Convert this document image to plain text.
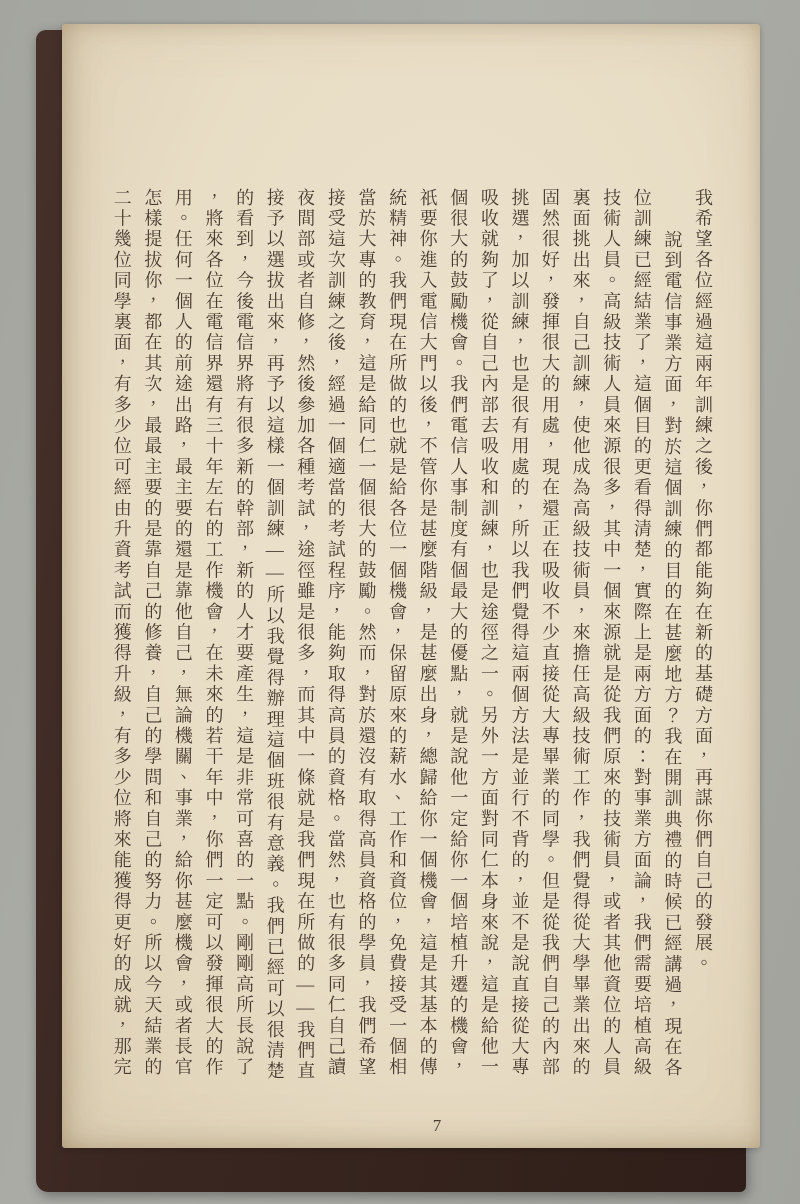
我希望各位經過這兩年訓練之後，你們都能夠在新的基礎方面，再謀你們自己的發展。

說到電信事業方面，對於這個訓練的目的在甚麼地方？我在開訓典禮的時候已經講過，現在各

位訓練已經結業了，這個目的更看得清楚，實際上是兩方面的：對事業方面論，我們需要培植高級

技術人員。高級技術人員來源很多，其中一個來源就是從我們原來的技術員，或者其他資位的人員

裏面挑出來，自己訓練，使他成為高級技術員，來擔任高級技術工作，我們覺得從大學畢業出來的

固然很好，發揮很大的用處，現在還正在吸收不少直接從大專畢業的同學。但是從我們自己的內部

挑選，加以訓練，也是很有用處的，所以我們覺得這兩個方法是並行不背的，並不是說直接從大專

吸收就夠了，從自己內部去吸收和訓練，也是途徑之一。另外一方面對同仁本身來說，這是給他一

個很大的鼓勵機會。我們電信人事制度有個最大的優點，就是說他一定給你一個培植升遷的機會，

祇要你進入電信大門以後，不管你是甚麼階級，是甚麼出身，總歸給你一個機會，這是其基本的傳

統精神。我們現在所做的也就是給各位一個機會，保留原來的薪水、工作和資位，免費接受一個相

當於大專的教育，這是給同仁一個很大的鼓勵。然而，對於還沒有取得高員資格的學員，我們希望

接受這次訓練之後，經過一個適當的考試程序，能夠取得高員的資格。當然，也有很多同仁自己讀

夜間部或者自修，然後參加各種考試，途徑雖是很多，而其中一條就是我們現在所做的——我們直

接予以選拔出來，再予以這樣一個訓練——所以我覺得辦理這個班很有意義。我們已經可以很清楚

的看到，今後電信界將有很多新的幹部，新的人才要產生，這是非常可喜的一點。剛剛高所長說了

，將來各位在電信界還有三十年左右的工作機會，在未來的若干年中，你們一定可以發揮很大的作

用。任何一個人的前途出路，最主要的還是靠他自己，無論機關、事業，給你甚麼機會，或者長官

怎樣提拔你，都在其次，最最主要的是靠自己的修養，自己的學問和自己的努力。所以今天結業的

二十幾位同學裏面，有多少位可經由升資考試而獲得升級，有多少位將來能獲得更好的成就，那完

7
